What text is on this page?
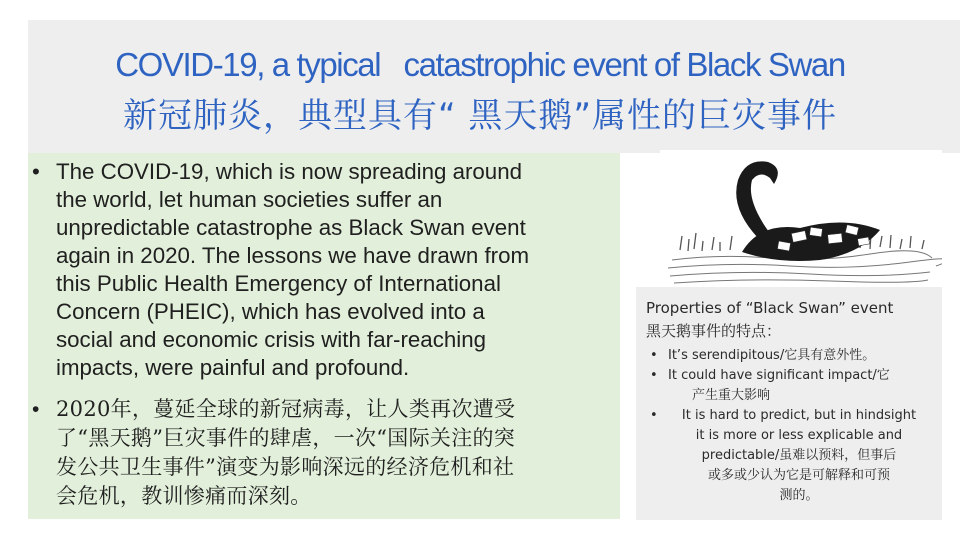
COVID-19, a typical   catastrophic event of Black Swan
新冠肺炎，典型具有“ 黑天鹅”属性的巨灾事件
• The COVID-19, which is now spreading around
the world, let human societies suffer an
unpredictable catastrophe as Black Swan event
again in 2020. The lessons we have drawn from
this Public Health Emergency of International
Concern (PHEIC), which has evolved into a
social and economic crisis with far-reaching
impacts, were painful and profound.
• 2020年，蔓延全球的新冠病毒，让人类再次遭受
了“黑天鹅”巨灾事件的肆虐，一次“国际关注的突
发公共卫生事件”演变为影响深远的经济危机和社
会危机，教训惨痛而深刻。
Properties of “Black Swan” event
黑天鹅事件的特点：
• It’s serendipitous/它具有意外性。
• It could have significant impact/它
产生重大影响
•	It is hard to predict, but in hindsight
it is more or less explicable and
predictable/虽难以预料，但事后
或多或少认为它是可解释和可预
测的。
